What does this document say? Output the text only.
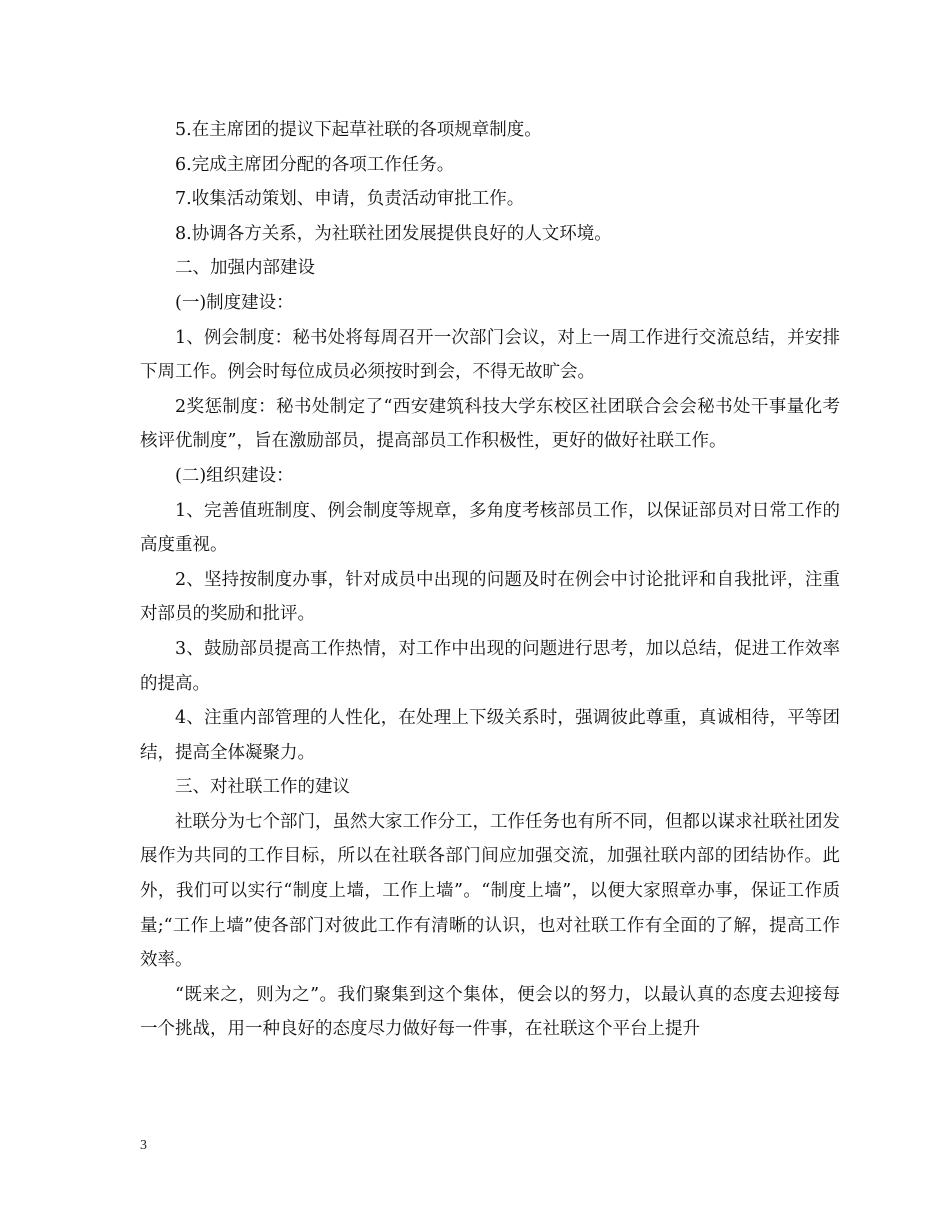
5.在主席团的提议下起草社联的各项规章制度。

6.完成主席团分配的各项工作任务。

7.收集活动策划、申请，负责活动审批工作。

8.协调各方关系，为社联社团发展提供良好的人文环境。

二、加强内部建设

(一)制度建设：

1、例会制度：秘书处将每周召开一次部门会议，对上一周工作进行交流总结，并安排下周工作。例会时每位成员必须按时到会，不得无故旷会。

2奖惩制度：秘书处制定了“西安建筑科技大学东校区社团联合会会秘书处干事量化考核评优制度”，旨在激励部员，提高部员工作积极性，更好的做好社联工作。

(二)组织建设：

1、完善值班制度、例会制度等规章，多角度考核部员工作，以保证部员对日常工作的高度重视。

2、坚持按制度办事，针对成员中出现的问题及时在例会中讨论批评和自我批评，注重对部员的奖励和批评。

3、鼓励部员提高工作热情，对工作中出现的问题进行思考，加以总结，促进工作效率的提高。

4、注重内部管理的人性化，在处理上下级关系时，强调彼此尊重，真诚相待，平等团结，提高全体凝聚力。

三、对社联工作的建议

社联分为七个部门，虽然大家工作分工，工作任务也有所不同，但都以谋求社联社团发展作为共同的工作目标，所以在社联各部门间应加强交流，加强社联内部的团结协作。此外，我们可以实行“制度上墙，工作上墙”。“制度上墙”，以便大家照章办事，保证工作质量;“工作上墙”使各部门对彼此工作有清晰的认识，也对社联工作有全面的了解，提高工作效率。

“既来之，则为之”。我们聚集到这个集体，便会以的努力，以最认真的态度去迎接每一个挑战，用一种良好的态度尽力做好每一件事，在社联这个平台上提升

3
